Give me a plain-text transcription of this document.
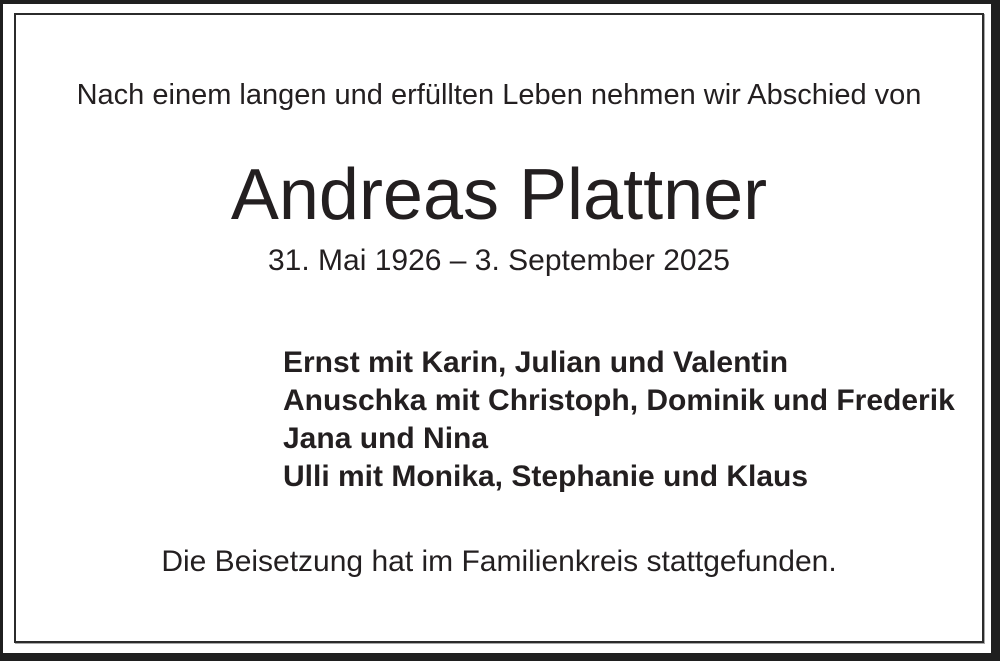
Nach einem langen und erfüllten Leben nehmen wir Abschied von
Andreas Plattner
31. Mai 1926 – 3. September 2025
Ernst mit Karin, Julian und Valentin
Anuschka mit Christoph, Dominik und Frederik
Jana und Nina
Ulli mit Monika, Stephanie und Klaus
Die Beisetzung hat im Familienkreis stattgefunden.
